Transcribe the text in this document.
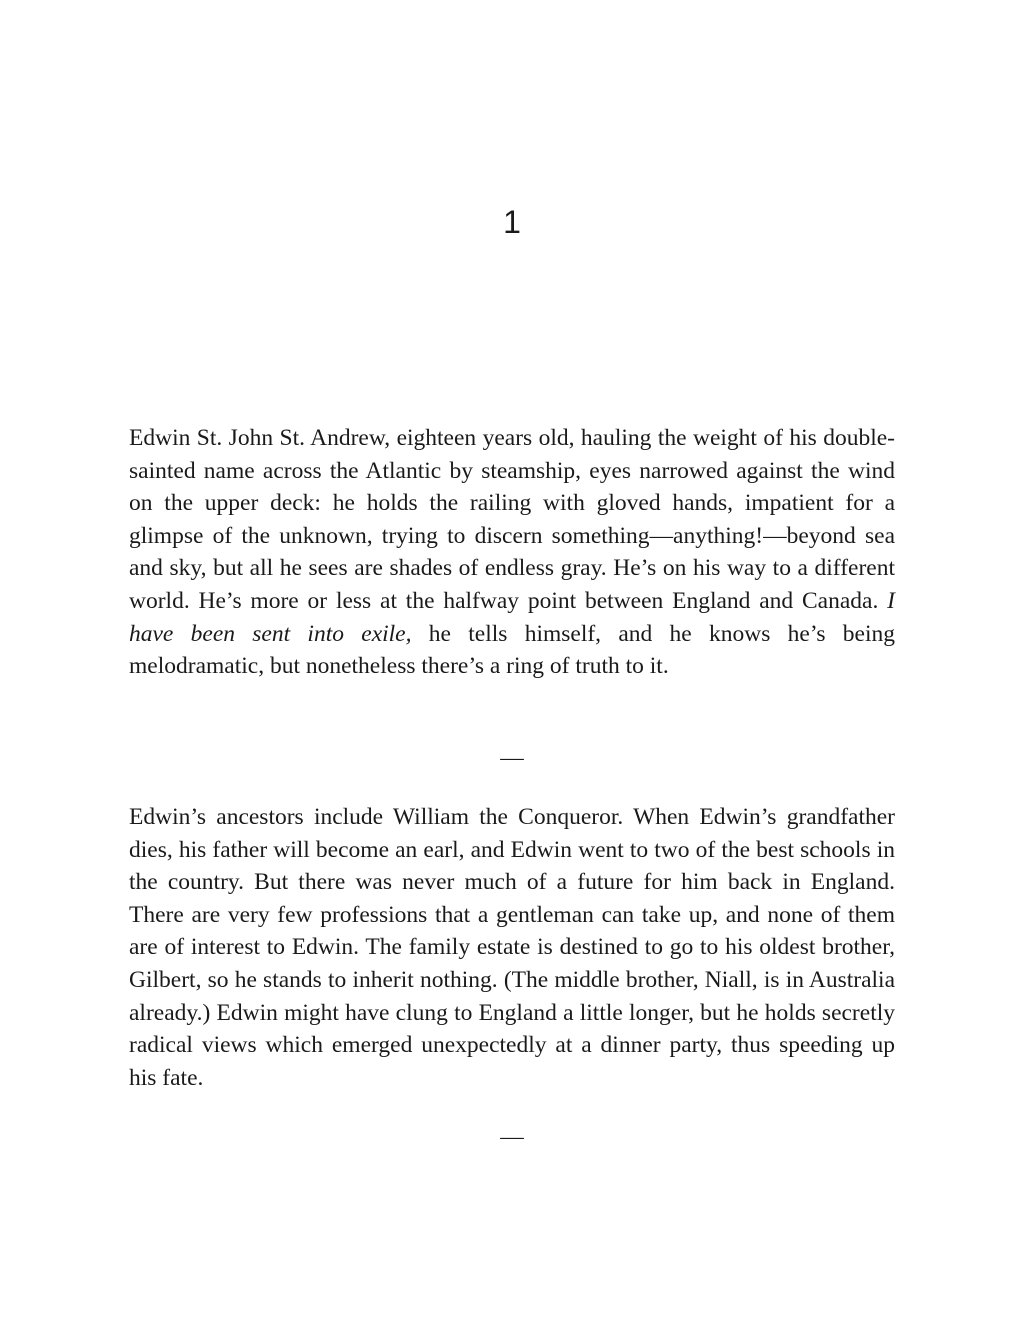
1

Edwin St. John St. Andrew, eighteen years old, hauling the weight of his double-sainted name across the Atlantic by steamship, eyes narrowed against the wind on the upper deck: he holds the railing with gloved hands, impatient for a glimpse of the unknown, trying to discern something—anything!—beyond sea and sky, but all he sees are shades of endless gray. He’s on his way to a different world. He’s more or less at the halfway point between England and Canada. I have been sent into exile, he tells himself, and he knows he’s being melodramatic, but nonetheless there’s a ring of truth to it.

—

Edwin’s ancestors include William the Conqueror. When Edwin’s grandfather dies, his father will become an earl, and Edwin went to two of the best schools in the country. But there was never much of a future for him back in England. There are very few professions that a gentleman can take up, and none of them are of interest to Edwin. The family estate is destined to go to his oldest brother, Gilbert, so he stands to inherit nothing. (The middle brother, Niall, is in Australia already.) Edwin might have clung to England a little longer, but he holds secretly radical views which emerged unexpectedly at a dinner party, thus speeding up his fate.

—
